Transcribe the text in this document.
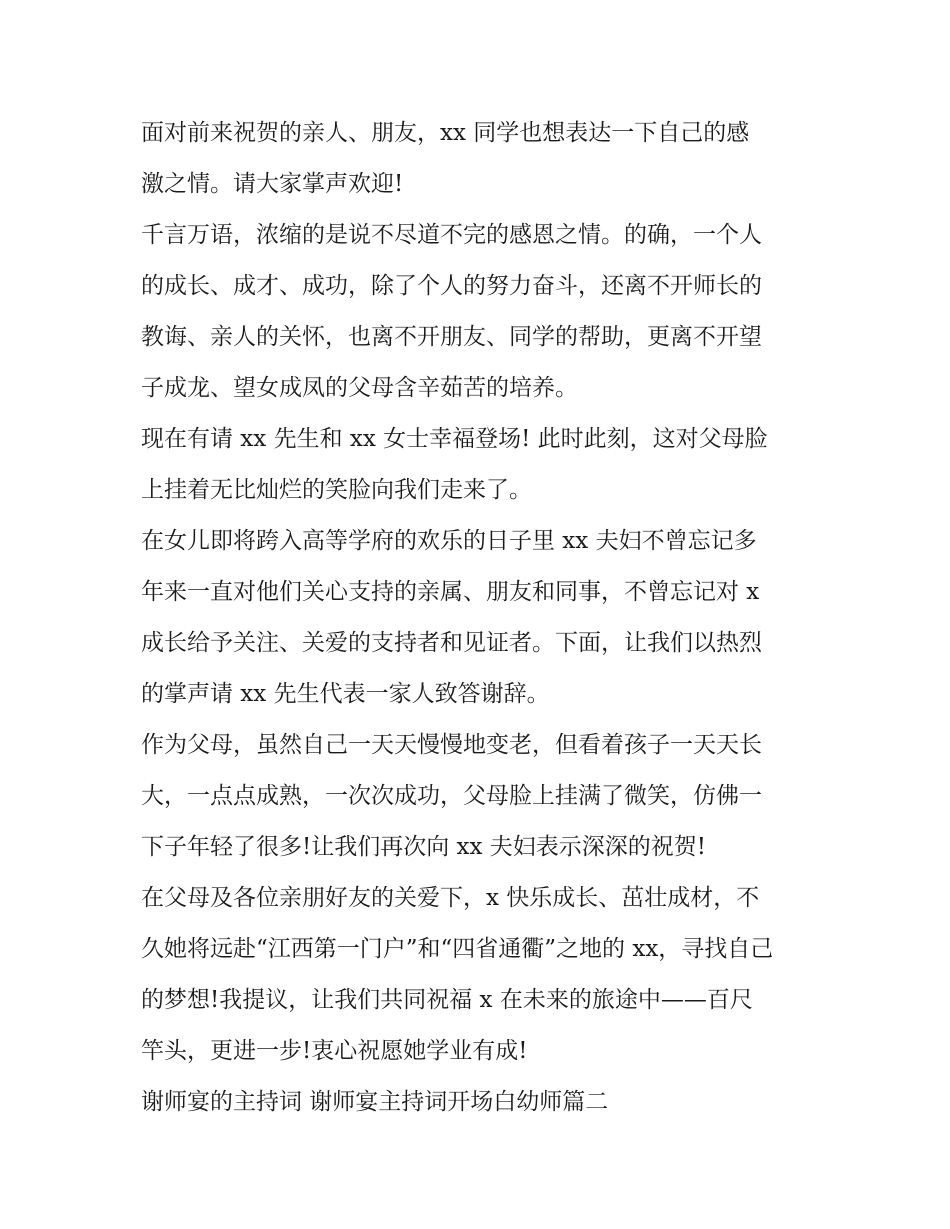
面对前来祝贺的亲人、朋友，xx 同学也想表达一下自己的感
激之情。请大家掌声欢迎!
千言万语，浓缩的是说不尽道不完的感恩之情。的确，一个人
的成长、成才、成功，除了个人的努力奋斗，还离不开师长的
教诲、亲人的关怀，也离不开朋友、同学的帮助，更离不开望
子成龙、望女成凤的父母含辛茹苦的培养。
现在有请 xx 先生和 xx 女士幸福登场! 此时此刻，这对父母脸
上挂着无比灿烂的笑脸向我们走来了。
在女儿即将跨入高等学府的欢乐的日子里 xx 夫妇不曾忘记多
年来一直对他们关心支持的亲属、朋友和同事，不曾忘记对 x
成长给予关注、关爱的支持者和见证者。下面，让我们以热烈
的掌声请 xx 先生代表一家人致答谢辞。
作为父母，虽然自己一天天慢慢地变老，但看着孩子一天天长
大，一点点成熟，一次次成功，父母脸上挂满了微笑，仿佛一
下子年轻了很多!让我们再次向 xx 夫妇表示深深的祝贺!
在父母及各位亲朋好友的关爱下，x 快乐成长、茁壮成材，不
久她将远赴“江西第一门户”和“四省通衢”之地的 xx，寻找自己
的梦想!我提议，让我们共同祝福 x 在未来的旅途中——百尺
竿头，更进一步!衷心祝愿她学业有成!
谢师宴的主持词 谢师宴主持词开场白幼师篇二
